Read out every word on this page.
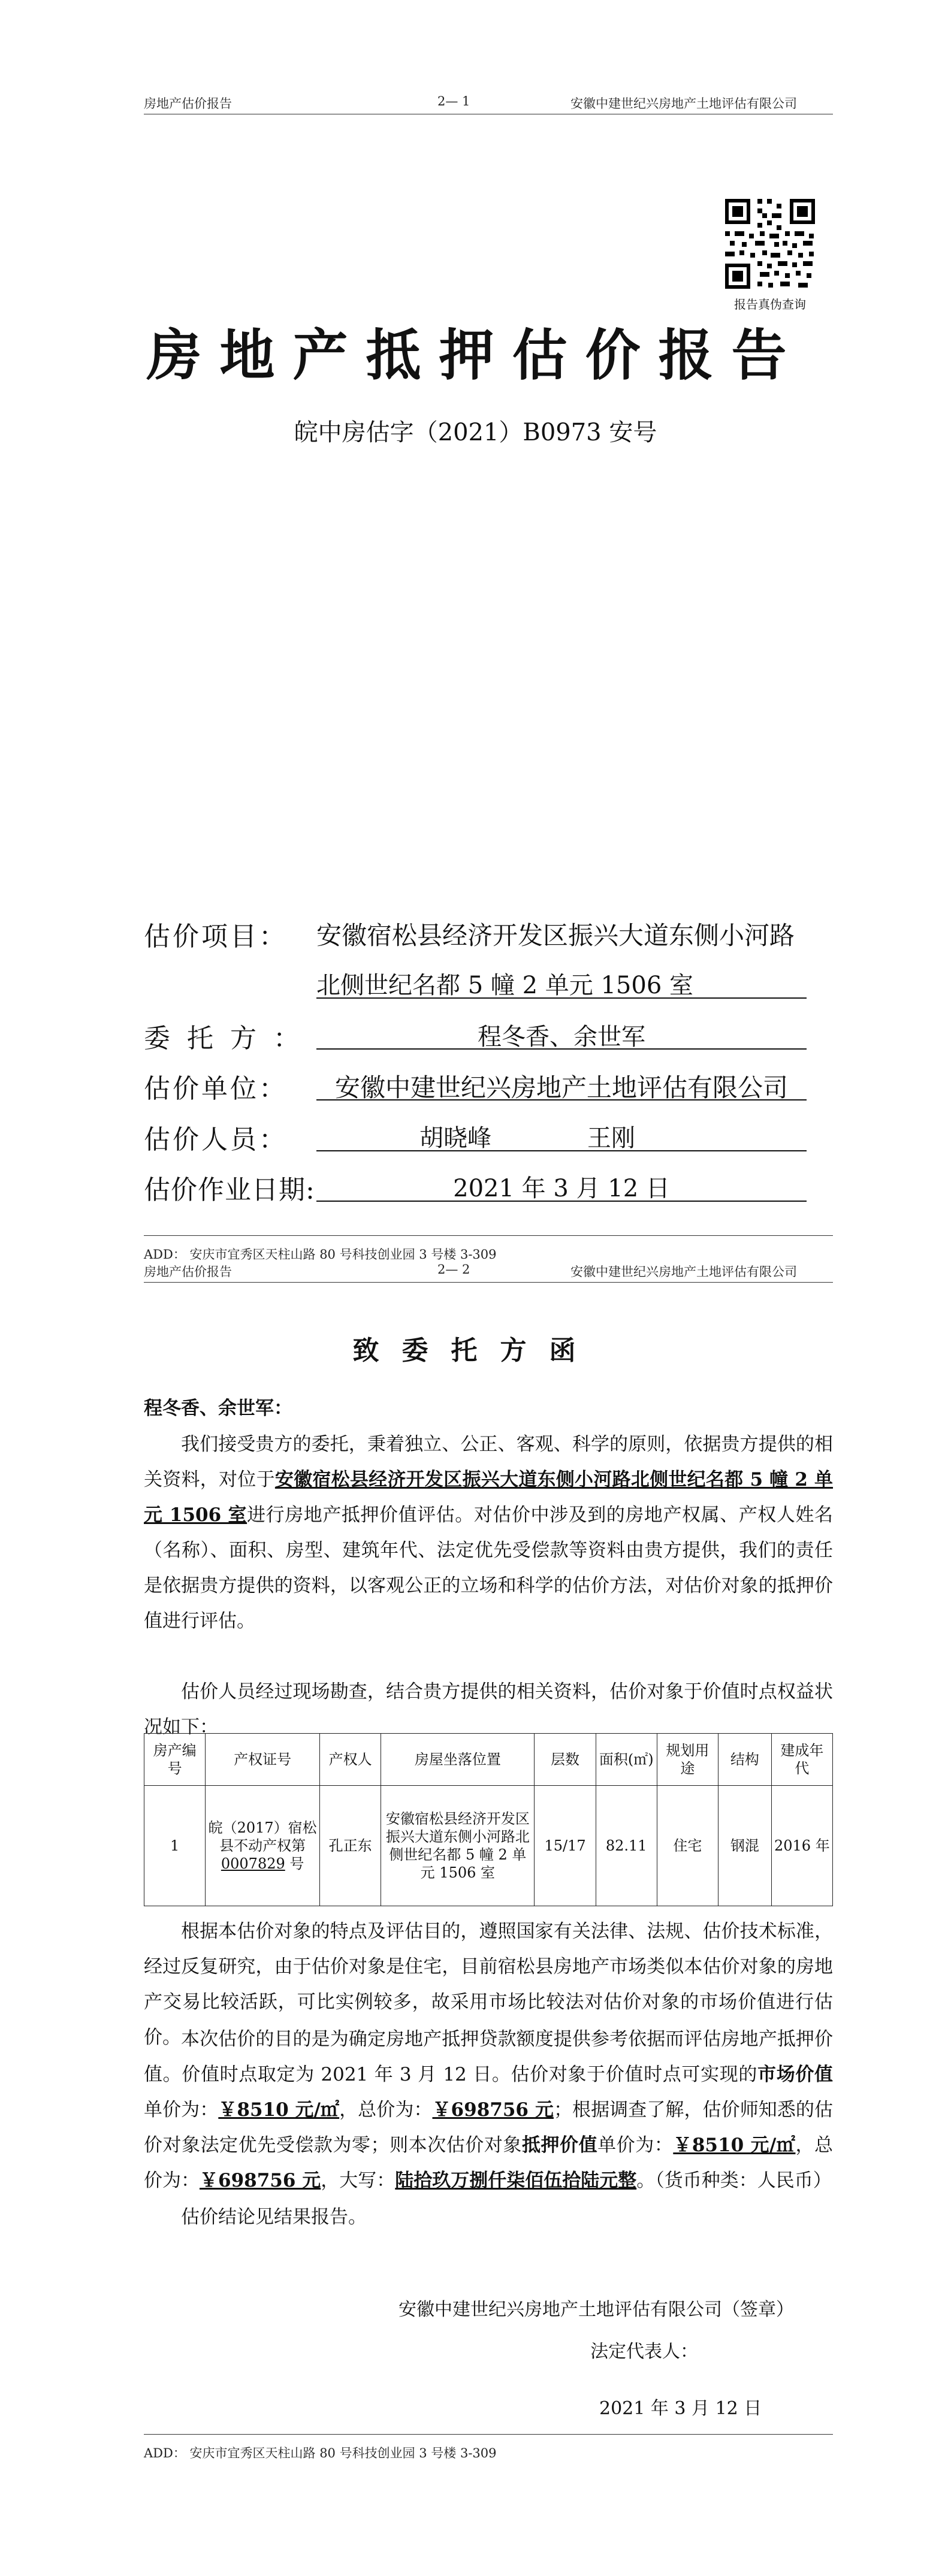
房地产估价报告	2— 1	安徽中建世纪兴房地产土地评估有限公司
报告真伪查询
房地产抵押估价报告
皖中房估字（2021）B0973 安号
估价项目： 安徽宿松县经济开发区振兴大道东侧小河路
北侧世纪名都 5 幢 2 单元 1506 室
委托方：	程冬香、余世军
估价单位：	安徽中建世纪兴房地产土地评估有限公司
估价人员：	胡晓峰	王刚
估价作业日期:	2021 年 3 月 12 日
ADD： 安庆市宜秀区天柱山路 80 号科技创业园 3 号楼 3-309
房地产估价报告	2— 2	安徽中建世纪兴房地产土地评估有限公司
致委托方函
程冬香、余世军：
我们接受贵方的委托，秉着独立、公正、客观、科学的原则，依据贵方提供的相关资料，对位于安徽宿松县经济开发区振兴大道东侧小河路北侧世纪名都 5 幢 2 单元 1506 室进行房地产抵押价值评估。对估价中涉及到的房地产权属、产权人姓名（名称）、面积、房型、建筑年代、法定优先受偿款等资料由贵方提供，我们的责任是依据贵方提供的资料，以客观公正的立场和科学的估价方法，对估价对象的抵押价值进行评估。
估价人员经过现场勘查，结合贵方提供的相关资料，估价对象于价值时点权益状况如下：
房产编号	产权证号	产权人	房屋坐落位置	层数	面积(㎡)	规划用途	结构	建成年代
1	皖（2017）宿松县不动产权第 0007829 号	孔正东	安徽宿松县经济开发区振兴大道东侧小河路北侧世纪名都 5 幢 2 单元 1506 室	15/17	82.11	住宅	钢混	2016 年
根据本估价对象的特点及评估目的，遵照国家有关法律、法规、估价技术标准，经过反复研究，由于估价对象是住宅，目前宿松县房地产市场类似本估价对象的房地产交易比较活跃，可比实例较多，故采用市场比较法对估价对象的市场价值进行估价。 本次估价的目的是为确定房地产抵押贷款额度提供参考依据而评估房地产抵押价值。价值时点取定为 2021 年 3 月 12 日。估价对象于价值时点可实现的市场价值单价为：￥8510 元/㎡，总价为：￥698756 元；根据调查了解，估价师知悉的估价对象法定优先受偿款为零；则本次估价对象抵押价值单价为：￥8510 元/㎡，总价为：￥698756 元，大写：陆拾玖万捌仟柒佰伍拾陆元整。（货币种类：人民币）
估价结论见结果报告。
安徽中建世纪兴房地产土地评估有限公司（签章）
法定代表人：
2021 年 3 月 12 日
ADD： 安庆市宜秀区天柱山路 80 号科技创业园 3 号楼 3-309
